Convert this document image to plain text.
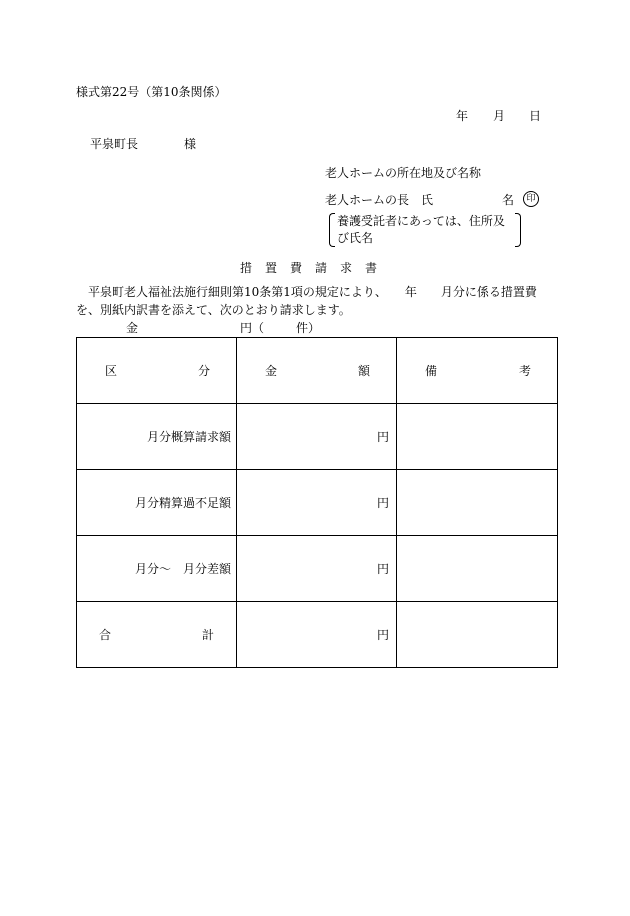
様式第22号（第10条関係）
年 月 日
平泉町長	様
老人ホームの所在地及び名称
老人ホームの長　氏	名	印
養護受託者にあっては、住所及び氏名
措置費請求書
平泉町老人福祉法施行細則第10条第1項の規定により、　　年　　月分に係る措置費を、別紙内訳書を添えて、次のとおり請求します。
金	円（	件）
区 分	金 額	備 考

月分概算請求額	円	
月分精算過不足額	円	
月分～　月分差額	円	

合 計	円	
